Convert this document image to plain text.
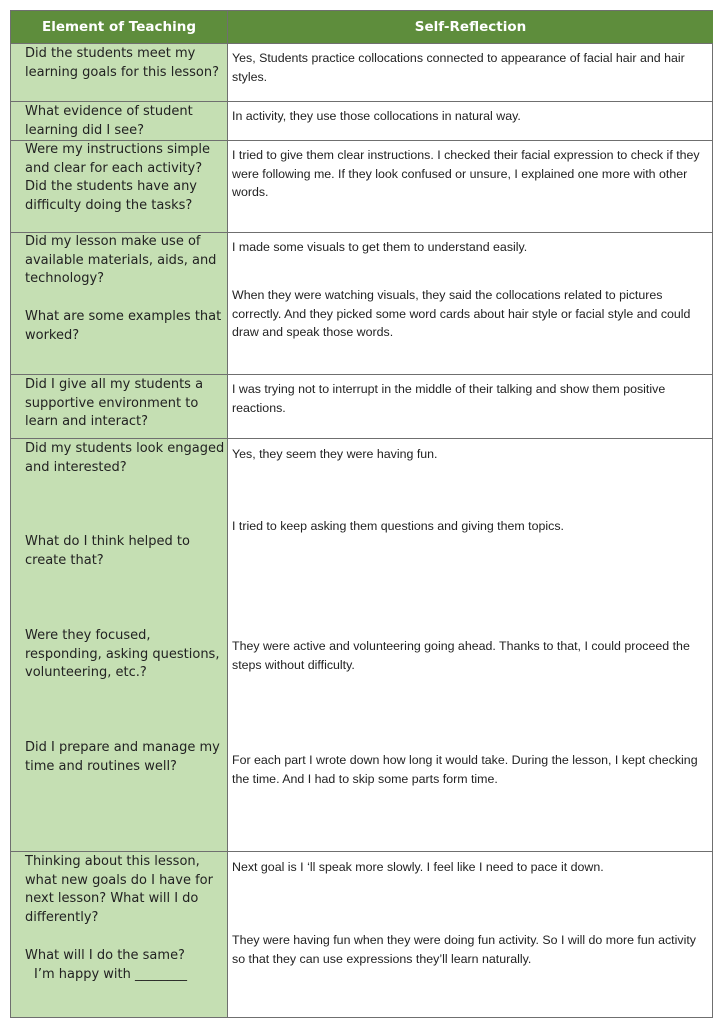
Element of Teaching	Self-Reflection
Did the students meet my learning goals for this lesson?
Yes, Students practice collocations connected to appearance of facial hair and hair styles.
What evidence of student learning did I see?
In activity, they use those collocations in natural way.
Were my instructions simple and clear for each activity? Did the students have any difficulty doing the tasks?
I tried to give them clear instructions. I checked their facial expression to check if they were following me. If they look confused or unsure, I explained one more with other words.
Did my lesson make use of available materials, aids, and technology?
What are some examples that worked?
I made some visuals to get them to understand easily.
When they were watching visuals, they said the collocations related to pictures correctly. And they picked some word cards about hair style or facial style and could draw and speak those words.
Did I give all my students a supportive environment to learn and interact?
I was trying not to interrupt in the middle of their talking and show them positive reactions.
Did my students look engaged and interested?
What do I think helped to create that?
Were they focused, responding, asking questions, volunteering, etc.?
Did I prepare and manage my time and routines well?
Yes, they seem they were having fun.
I tried to keep asking them questions and giving them topics.
They were active and volunteering going ahead. Thanks to that, I could proceed the steps without difficulty.
For each part I wrote down how long it would take. During the lesson, I kept checking the time. And I had to skip some parts form time.
Thinking about this lesson, what new goals do I have for next lesson? What will I do differently?
What will I do the same?
I’m happy with ________
Next goal is I ‘ll speak more slowly. I feel like I need to pace it down.
They were having fun when they were doing fun activity. So I will do more fun activity so that they can use expressions they’ll learn naturally.
